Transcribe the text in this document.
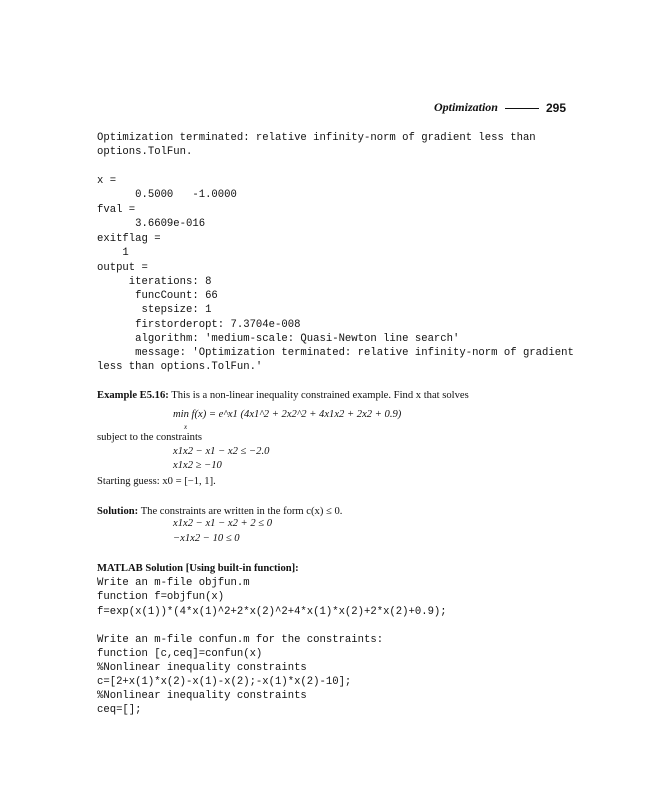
Optimization	295
Optimization terminated: relative infinity-norm of gradient less than
options.TolFun.
x =
0.5000   -1.0000
fval =
3.6609e-016
exitflag =
1
output =
iterations: 8
funcCount: 66
stepsize: 1
firstorderopt: 7.3704e-008
algorithm: 'medium-scale: Quasi-Newton line search'
message: 'Optimization terminated: relative infinity-norm of gradient
less than options.TolFun.'
Example E5.16: This is a non-linear inequality constrained example. Find x that solves
min f(x) = e^x1 (4x1^2 + 2x2^2 + 4x1x2 + 2x2 + 0.9)
x
subject to the constraints
x1x2 − x1 − x2 ≤ −2.0
x1x2 ≥ −10
Starting guess: x0 = [−1, 1].
Solution: The constraints are written in the form c(x) ≤ 0.
x1x2 − x1 − x2 + 2 ≤ 0
−x1x2 − 10 ≤ 0
MATLAB Solution [Using built-in function]:
Write an m-file objfun.m
function f=objfun(x)
f=exp(x(1))*(4*x(1)^2+2*x(2)^2+4*x(1)*x(2)+2*x(2)+0.9);
Write an m-file confun.m for the constraints:
function [c,ceq]=confun(x)
%Nonlinear inequality constraints
c=[2+x(1)*x(2)-x(1)-x(2);-x(1)*x(2)-10];
%Nonlinear inequality constraints
ceq=[];
